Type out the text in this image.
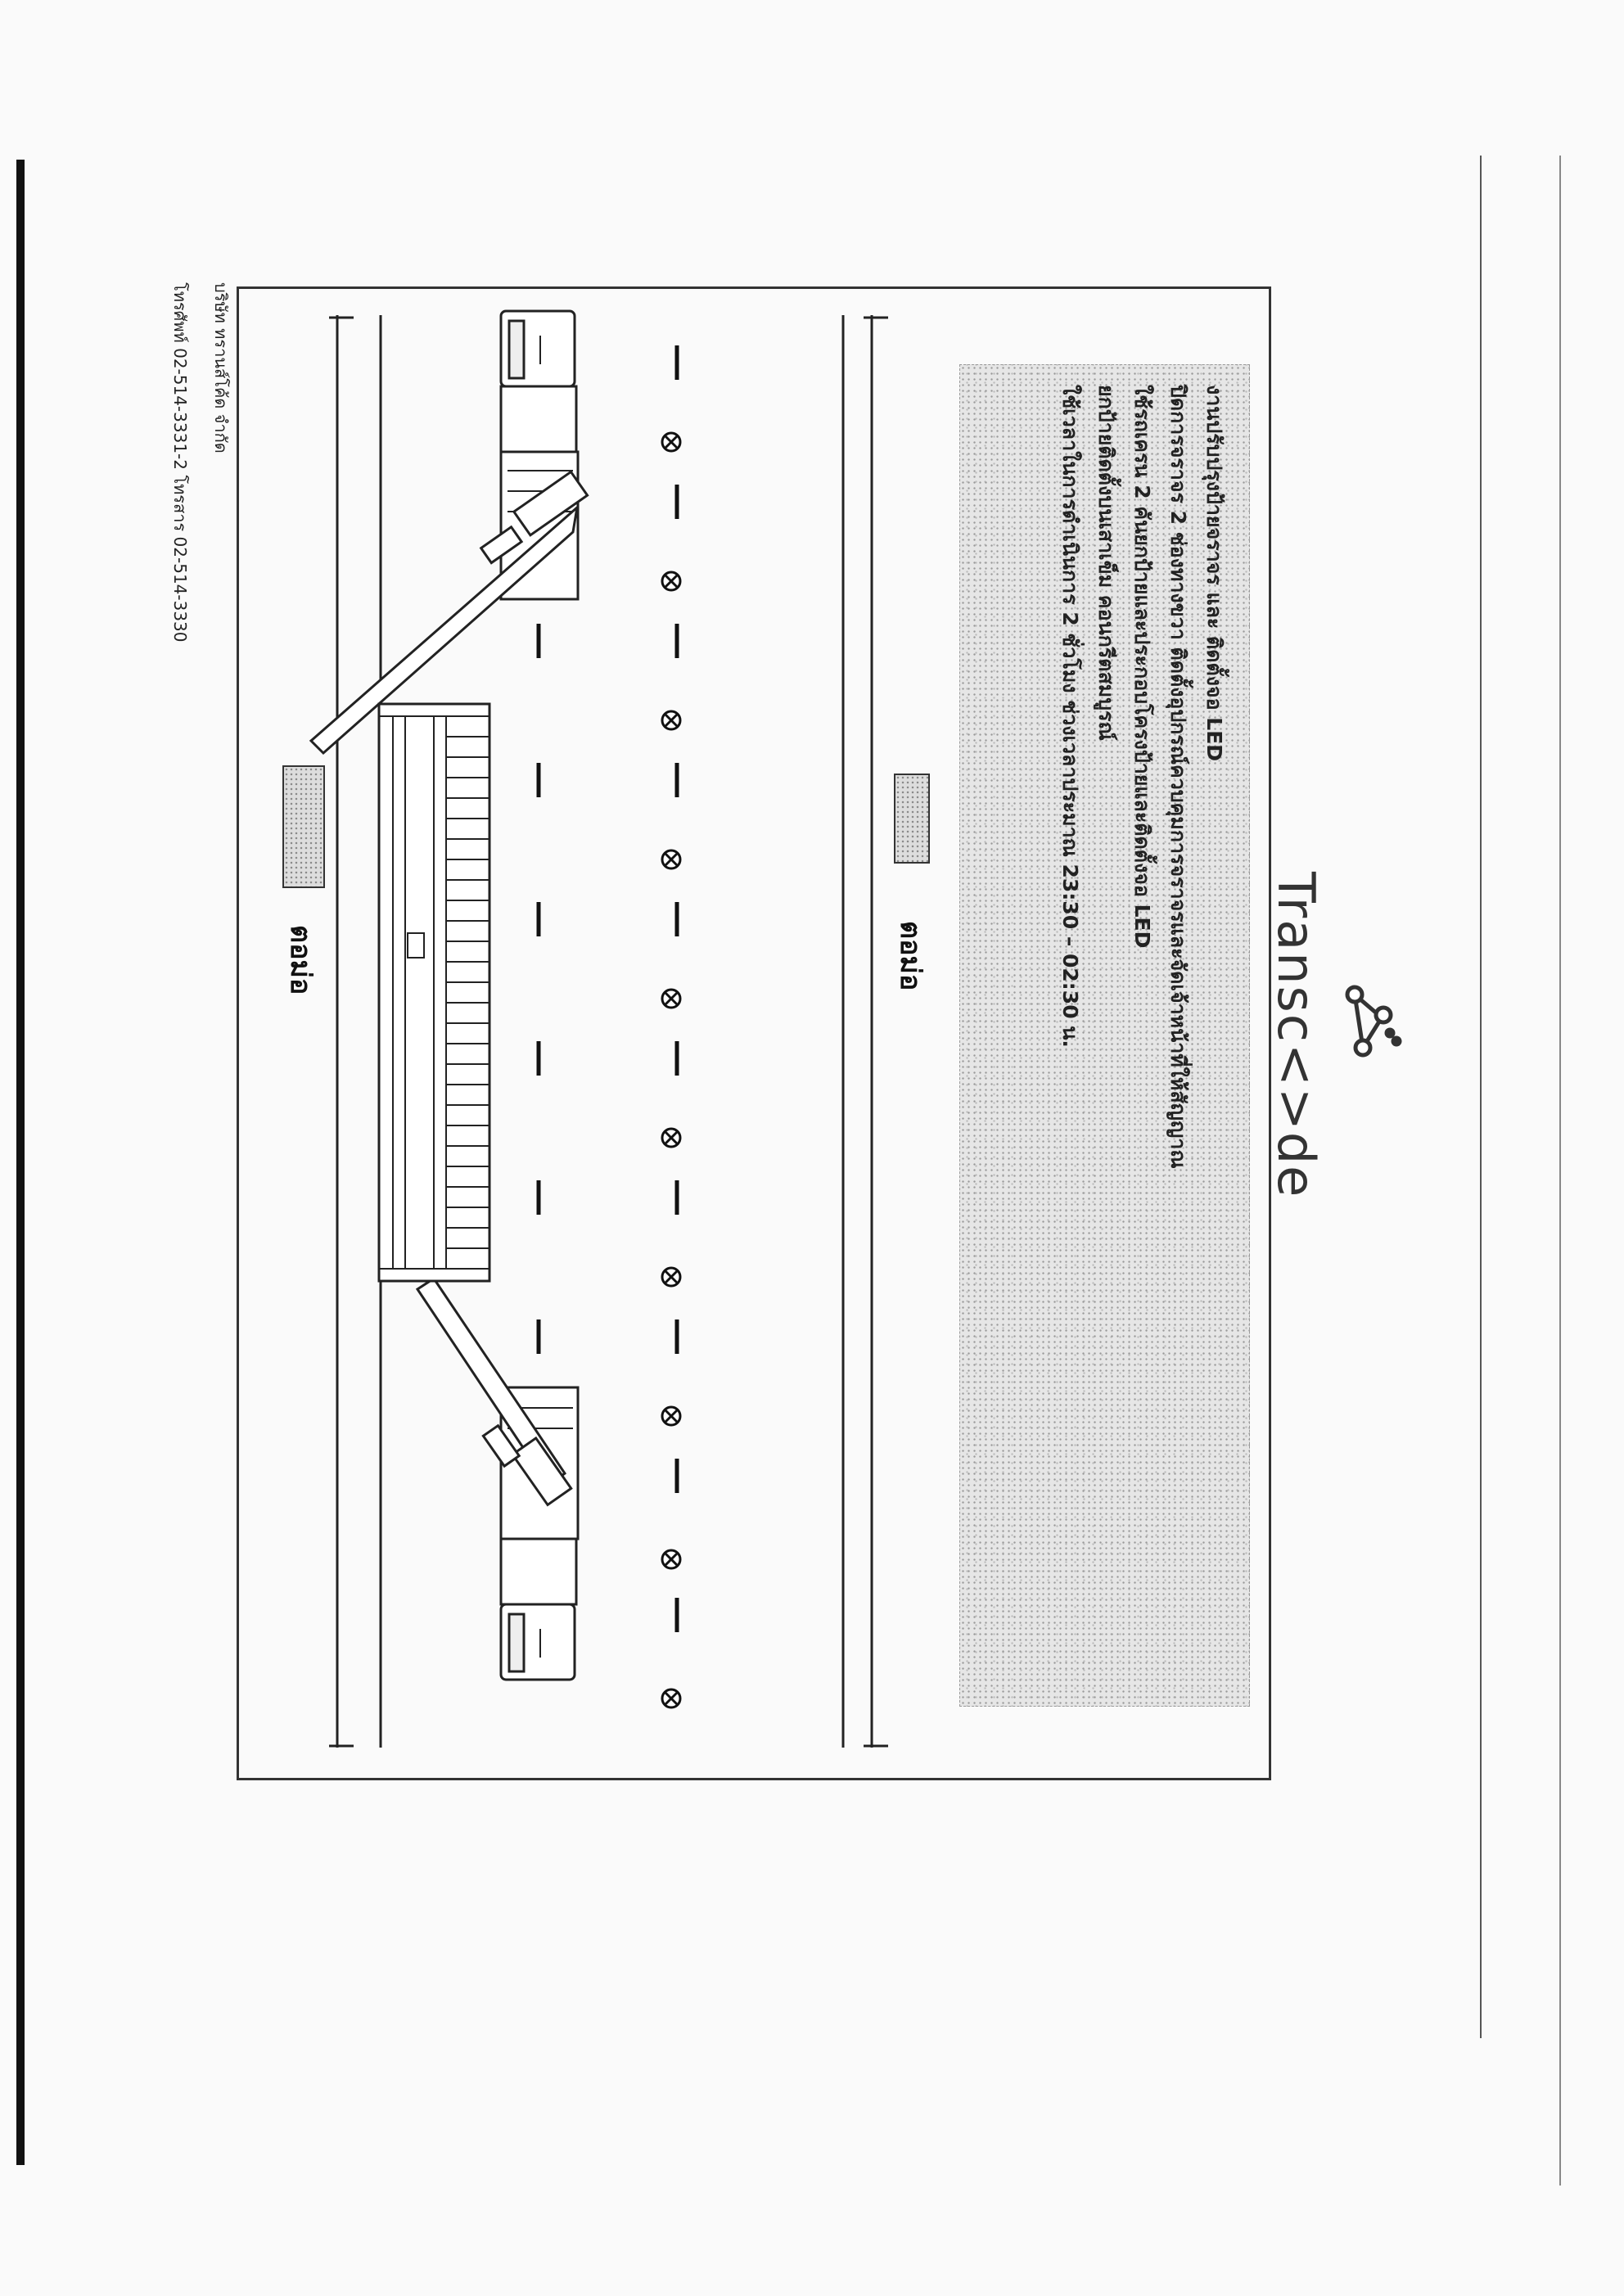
บริษัท ทรานส์โค้ด จำกัด
โทรศัพท์ 02-514-3331-2 โทรสาร 02-514-3330
ตอม่อ	ตอม่อ
งานปรับปรุงป้ายจราจร และ ติดตั้งจอ LED
ปิดการจราจร 2 ช่องทางขวา ติดตั้งอุปกรณ์ควบคุมการจราจรและจัดเจ้าหน้าที่ให้สัญญาณ
ใช้รถเครน 2 คันยกป้ายและประกอบโครงป้ายและติดตั้งจอ LED
ยกป้ายติดตั้งบนเสาเข็ม คอนกรีตสมบูรณ์
ใช้เวลาในการดำเนินการ 2 ชั่วโมง ช่วงเวลาประมาณ 23:30 – 02:30 น.	Transc<>de
